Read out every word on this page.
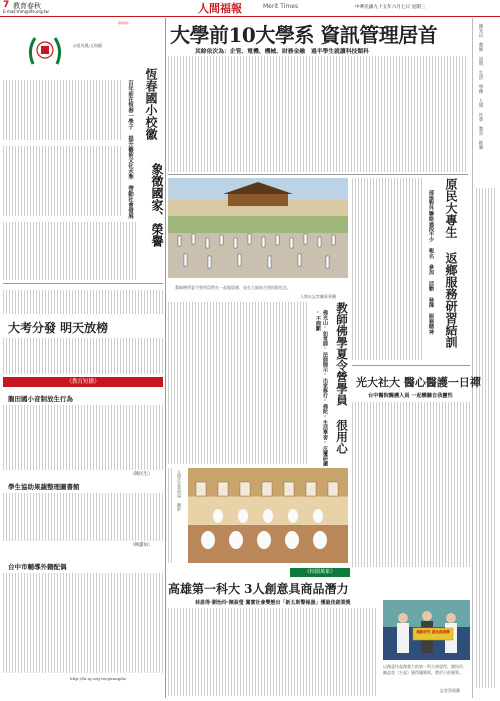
7 教育春秋
E-mail:mm@life.org.tw	人間福報	Merit Times	中華民國九十五年六月七日 星期三
◎張英鳳/文與圖
◎◎◎
恆春國小校徽
象徵國家、榮譽
百年前在恆春一學子 提升藝術文化水準 帶動社會發展
大學前10大學系 資訊管理居首
其餘依次為：企管、電機、機械、財務金融　過半學生就讀科技類科	佛光山 教師 訪問 生活 學佛 人間 社會 教育 推廣
大考分發 明天放榜
《教育短播》
龍田國小音制放生行為
（陳民生）
學生協助果蔬整理圖書館
（陳蕙如）
台中市輔導外籍配偶
http://bi.tg.org.tw/gunagdu/
教師佛學夏令營學員們在一起做晨運、並在大殿前合照留影紀念。
人間社記者陳景景攝
教師佛學夏令營學員 很用心
佛光山·如常師·法師開示·出家修行·佛陀·生活學習·反覆研讀·不間斷	原民大專生 返鄉服務研習結訓
部落對外聯絡過段不少 報名 參加 活動 發揮 服務精神
光大社大 醫心醫護一日禪
台中醫院醫護人員 一起體驗自我靈性
人間社記者周遠 攝影
《校園萬象》
高雄第一科大 3人創意具商品潛力
林恩得·劉怡玲·陳盈瑩 闖實社會雙態出「新五斯警報器」獲最佳創業獎
創新研究 最佳創業獎
以創意扶起創業力的第一科大林恩得、劉怡玲、陳盈瑩（左起）獲得優勝獎，將於日前獲獎。
記者蔡媛藺
